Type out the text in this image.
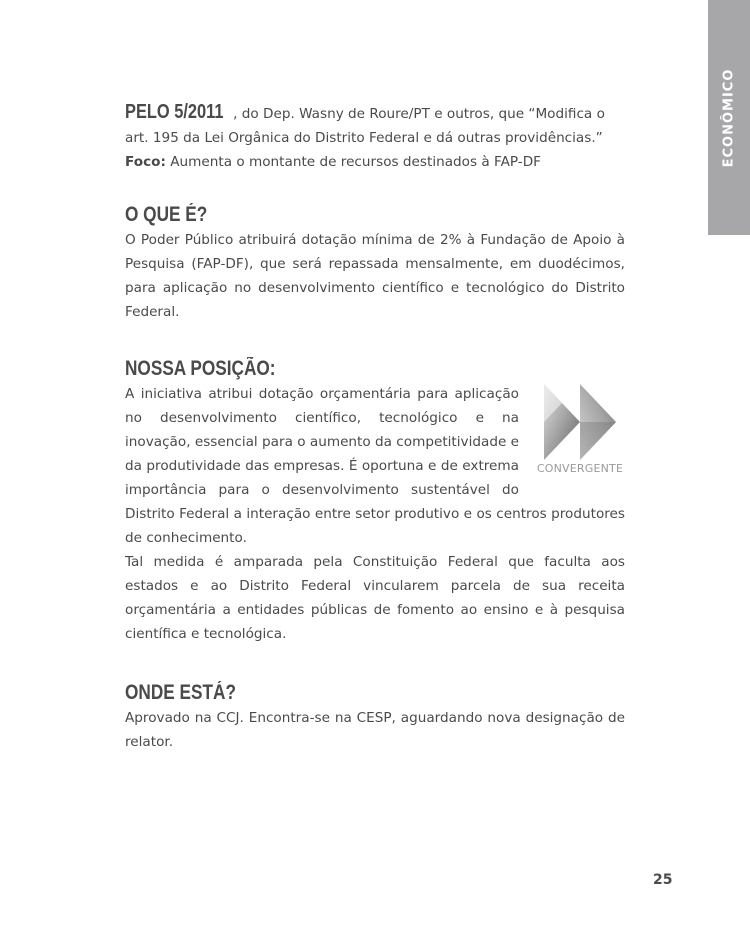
ECONÔMICO

PELO 5/2011 , do Dep. Wasny de Roure/PT e outros, que “Modifica o art. 195 da Lei Orgânica do Distrito Federal e dá outras providências.”
Foco: Aumenta o montante de recursos destinados à FAP-DF

O QUE É?

O Poder Público atribuirá dotação mínima de 2% à Fundação de Apoio à Pesquisa (FAP-DF), que será repassada mensalmente, em duodécimos, para aplicação no desenvolvimento científico e tecnológico do Distrito Federal.

NOSSA POSIÇÃO:
CONVERGENTE

A iniciativa atribui dotação orçamentária para aplicação no desenvolvimento científico, tecnológico e na inovação, essencial para o aumento da competitividade e da produtividade das empresas. É oportuna e de extrema importância para o desenvolvimento sustentável do Distrito Federal a interação entre setor produtivo e os centros produtores de conhecimento.

Tal medida é amparada pela Constituição Federal que faculta aos estados e ao Distrito Federal vincularem parcela de sua receita orçamentária a entidades públicas de fomento ao ensino e à pesquisa científica e tecnológica.

ONDE ESTÁ?

Aprovado na CCJ. Encontra-se na CESP, aguardando nova designação de relator.

25
